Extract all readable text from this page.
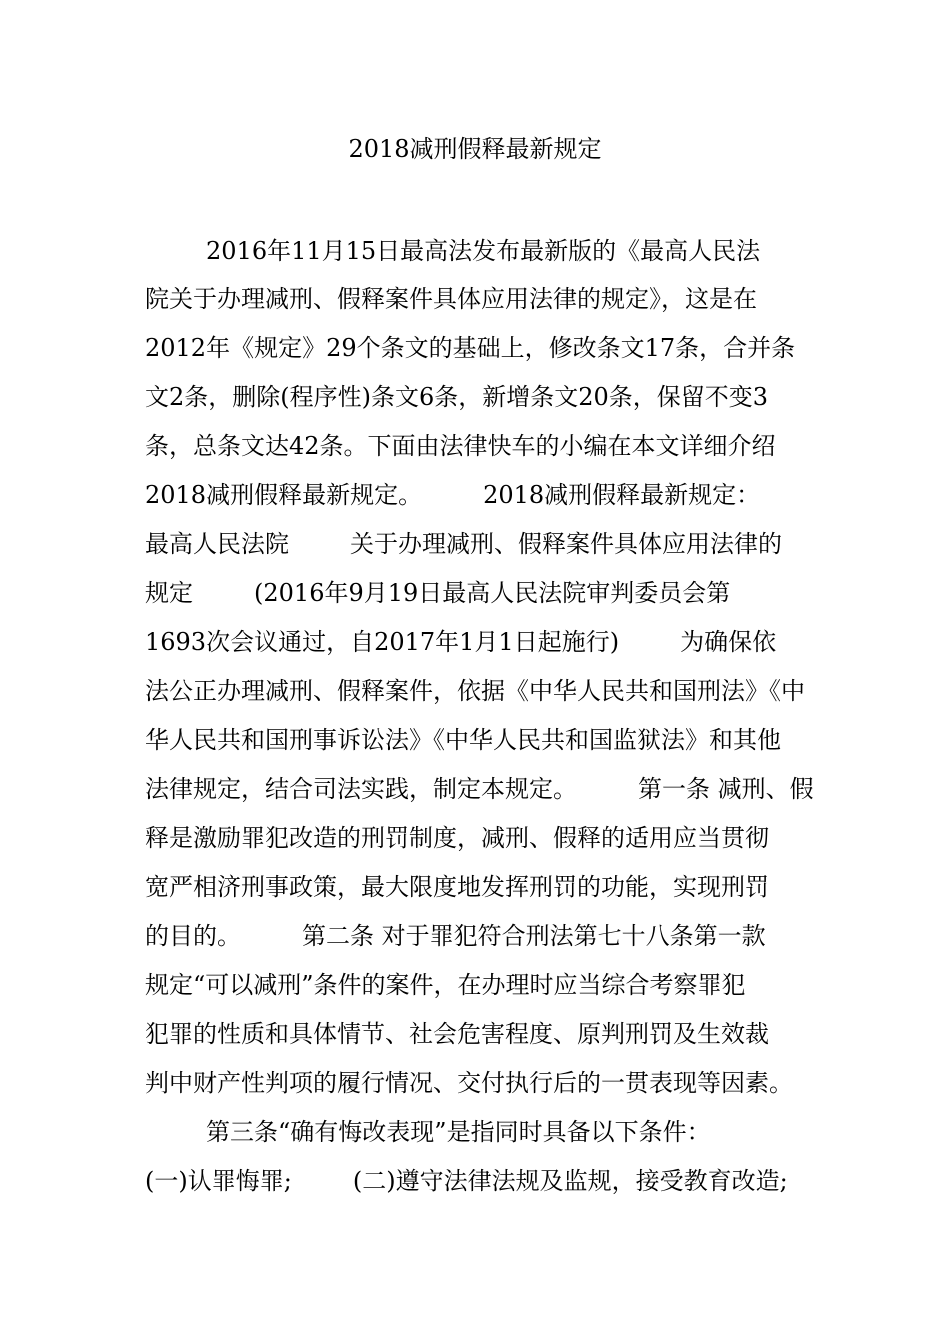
2018减刑假释最新规定
2016年11月15日最高法发布最新版的《最高人民法
院关于办理减刑、假释案件具体应用法律的规定》，这是在
2012年《规定》29个条文的基础上，修改条文17条，合并条
文2条，删除(程序性)条文6条，新增条文20条，保留不变3
条，总条文达42条。下面由法律快车的小编在本文详细介绍
2018减刑假释最新规定。        2018减刑假释最新规定：
最高人民法院        关于办理减刑、假释案件具体应用法律的
规定        (2016年9月19日最高人民法院审判委员会第
1693次会议通过，自2017年1月1日起施行)        为确保依
法公正办理减刑、假释案件，依据《中华人民共和国刑法》《中
华人民共和国刑事诉讼法》《中华人民共和国监狱法》和其他
法律规定，结合司法实践，制定本规定。        第一条 减刑、假
释是激励罪犯改造的刑罚制度，减刑、假释的适用应当贯彻
宽严相济刑事政策，最大限度地发挥刑罚的功能，实现刑罚
的目的。        第二条 对于罪犯符合刑法第七十八条第一款
规定“可以减刑”条件的案件，在办理时应当综合考察罪犯
犯罪的性质和具体情节、社会危害程度、原判刑罚及生效裁
判中财产性判项的履行情况、交付执行后的一贯表现等因素。
第三条“确有悔改表现”是指同时具备以下条件：
(一)认罪悔罪;        (二)遵守法律法规及监规，接受教育改造;
